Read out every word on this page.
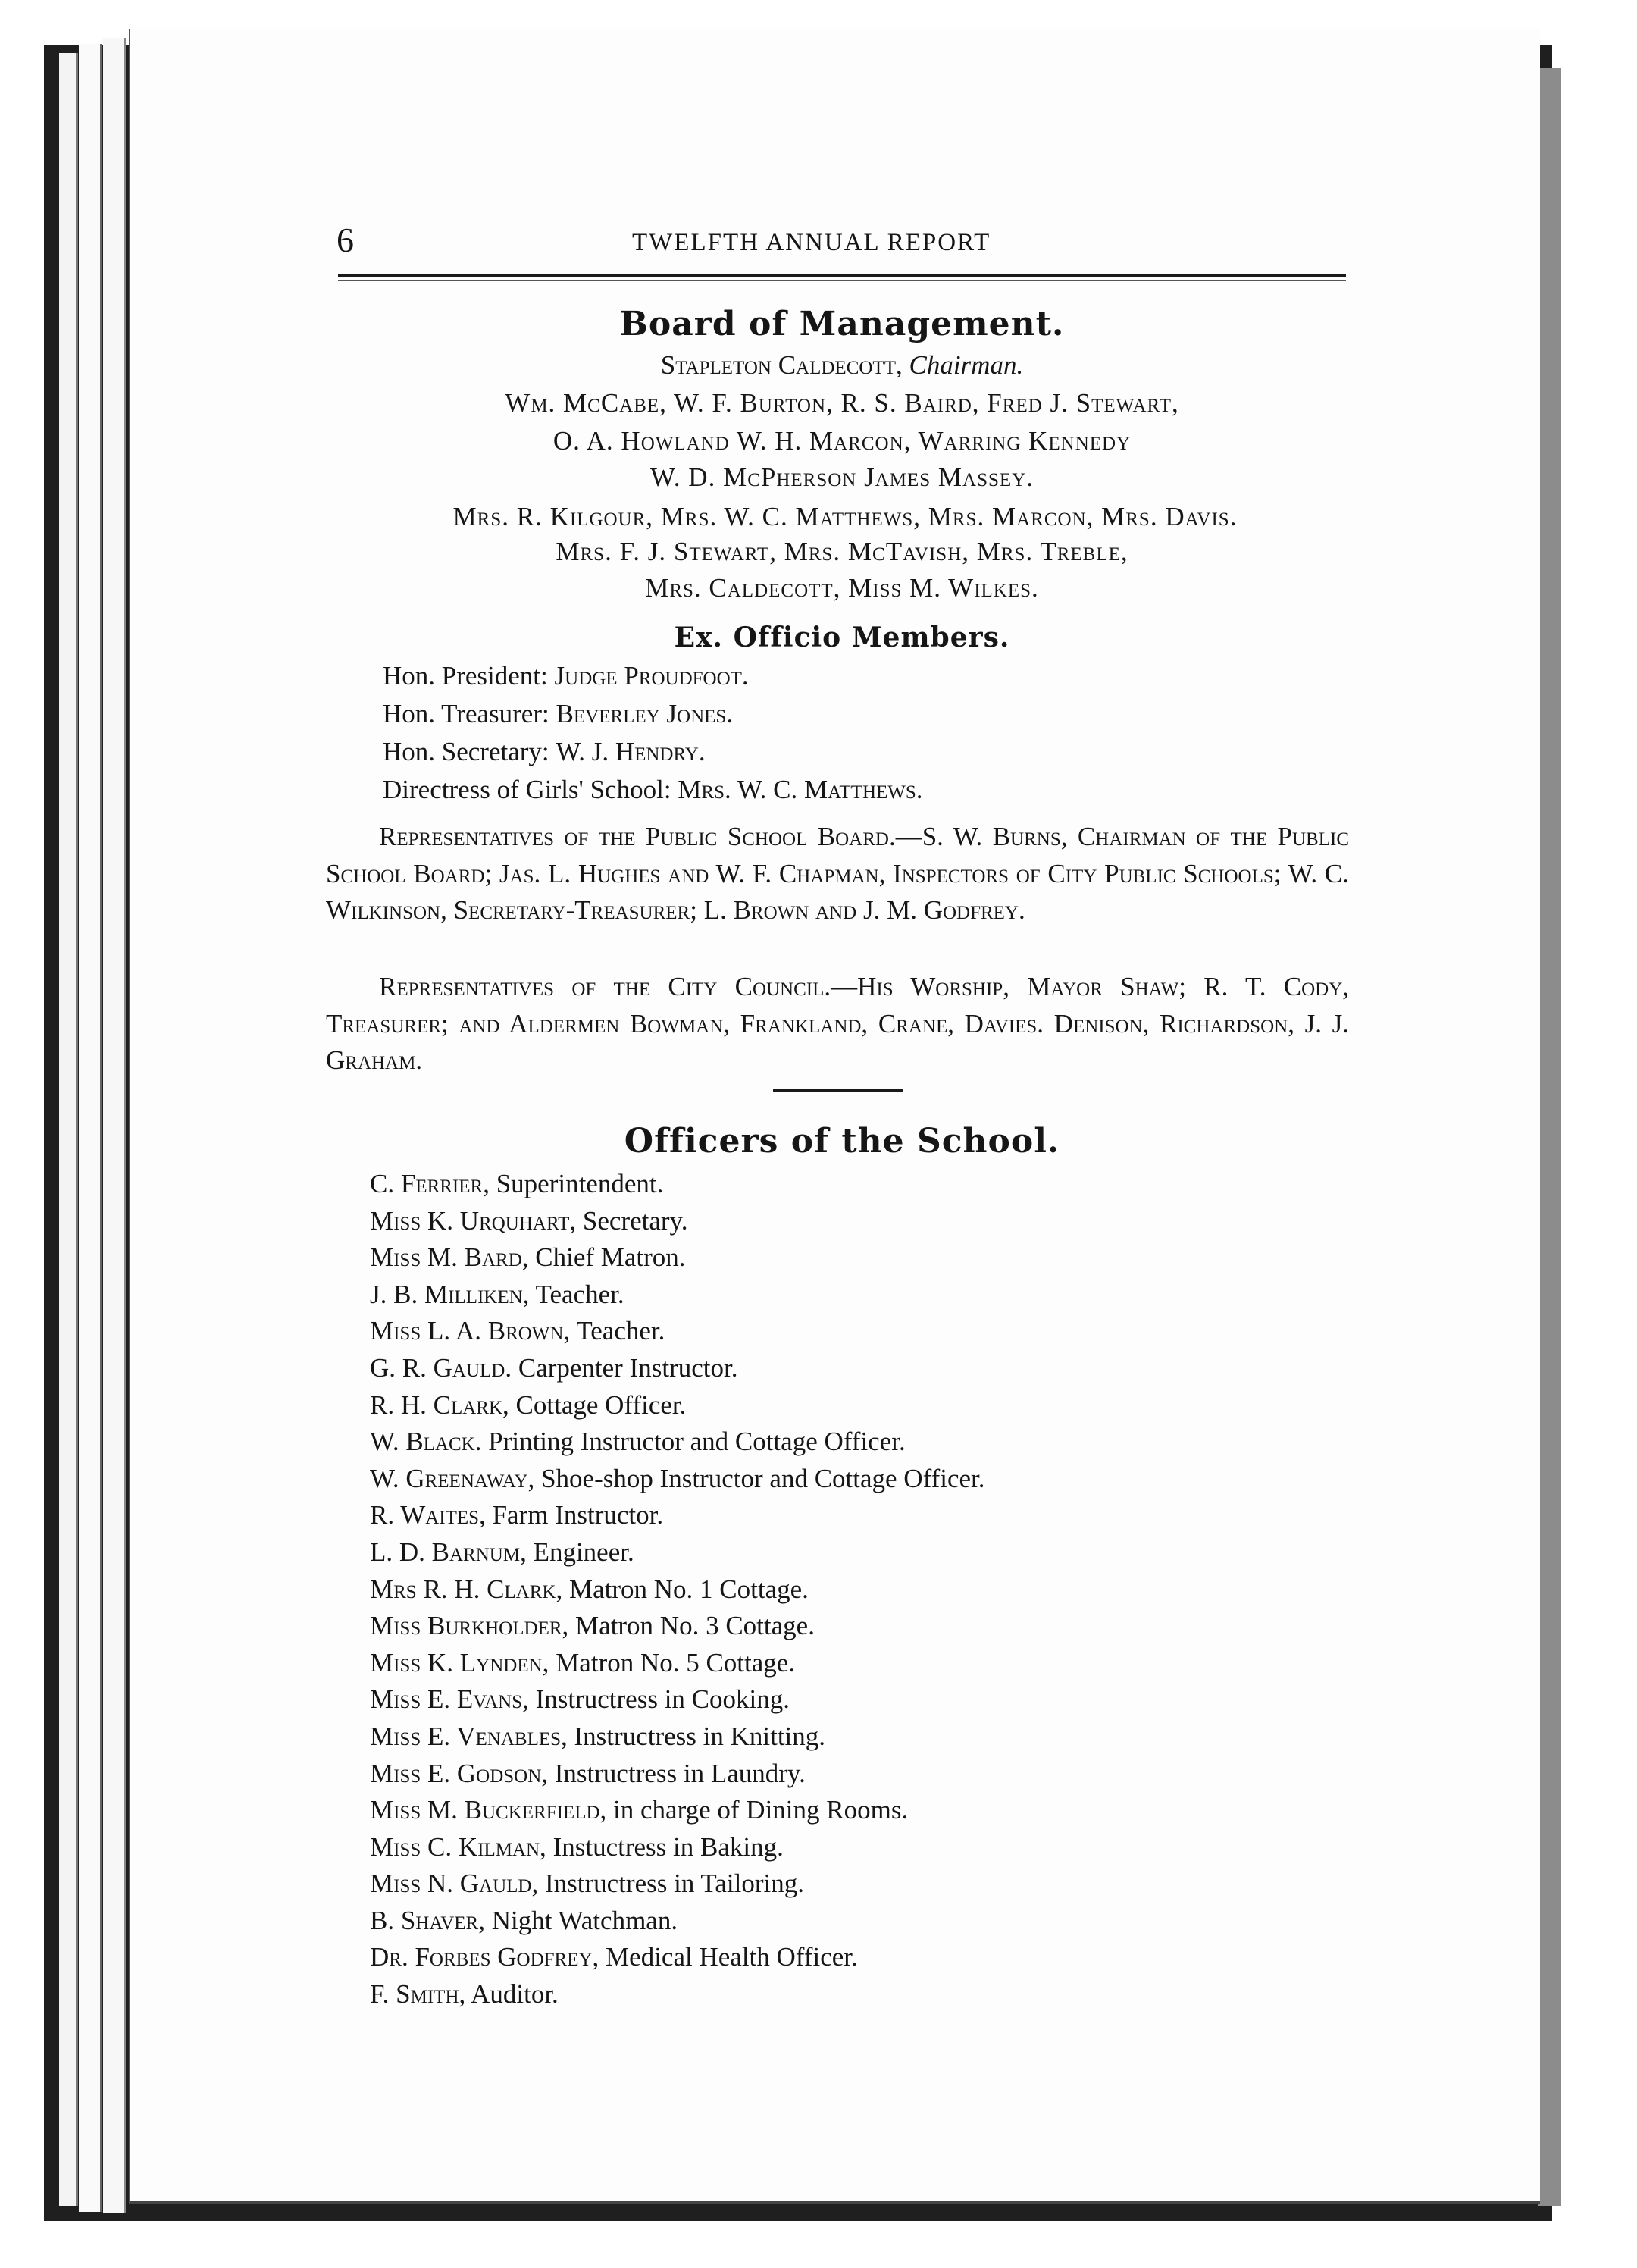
6	TWELFTH ANNUAL REPORT
Board of Management.
Stapleton Caldecott, Chairman.
Wm. McCabe, W. F. Burton, R. S. Baird, Fred J. Stewart,
O. A. Howland W. H. Marcon, Warring Kennedy
W. D. McPherson James Massey.
Mrs. R. Kilgour, Mrs. W. C. Matthews, Mrs. Marcon, Mrs. Davis.
Mrs. F. J. Stewart, Mrs. McTavish, Mrs. Treble,
Mrs. Caldecott, Miss M. Wilkes.
Ex. Officio Members.
Hon. President: Judge Proudfoot.
Hon. Treasurer: Beverley Jones.
Hon. Secretary: W. J. Hendry.
Directress of Girls' School: Mrs. W. C. Matthews.
Representatives of the Public School Board.—S. W. Burns, Chairman of the Public School Board; Jas. L. Hughes and W. F. Chapman, Inspectors of City Public Schools; W. C. Wilkinson, Secretary-Treasurer; L. Brown and J. M. Godfrey.
Representatives of the City Council.—His Worship, Mayor Shaw; R. T. Cody, Treasurer; and Aldermen Bowman, Frankland, Crane, Davies. Denison, Richardson, J. J. Graham.
Officers of the School.
C. Ferrier, Superintendent.
Miss K. Urquhart, Secretary.
Miss M. Bard, Chief Matron.
J. B. Milliken, Teacher.
Miss L. A. Brown, Teacher.
G. R. Gauld. Carpenter Instructor.
R. H. Clark, Cottage Officer.
W. Black. Printing Instructor and Cottage Officer.
W. Greenaway, Shoe-shop Instructor and Cottage Officer.
R. Waites, Farm Instructor.
L. D. Barnum, Engineer.
Mrs R. H. Clark, Matron No. 1 Cottage.
Miss Burkholder, Matron No. 3 Cottage.
Miss K. Lynden, Matron No. 5 Cottage.
Miss E. Evans, Instructress in Cooking.
Miss E. Venables, Instructress in Knitting.
Miss E. Godson, Instructress in Laundry.
Miss M. Buckerfield, in charge of Dining Rooms.
Miss C. Kilman, Instuctress in Baking.
Miss N. Gauld, Instructress in Tailoring.
B. Shaver, Night Watchman.
Dr. Forbes Godfrey, Medical Health Officer.
F. Smith, Auditor.
